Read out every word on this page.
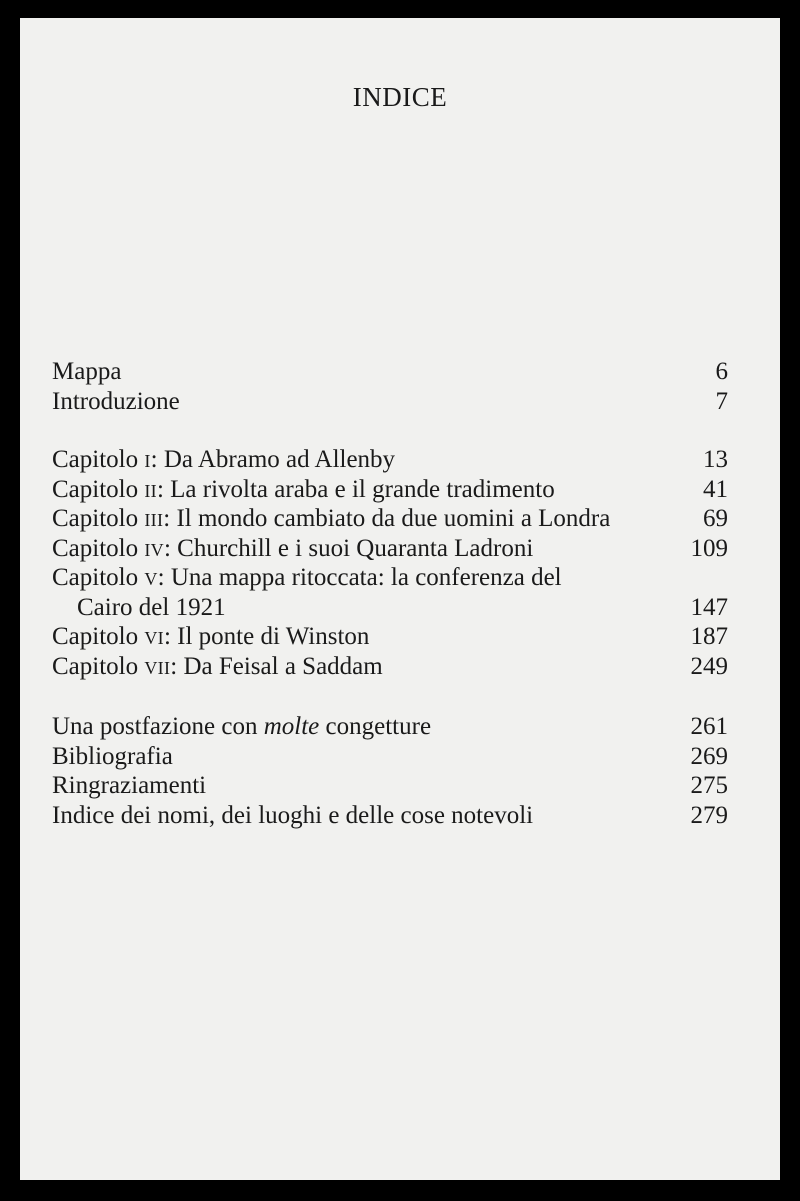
INDICE
Mappa	6
Introduzione	7
Capitolo I: Da Abramo ad Allenby	13
Capitolo II: La rivolta araba e il grande tradimento	41
Capitolo III: Il mondo cambiato da due uomini a Londra	69
Capitolo IV: Churchill e i suoi Quaranta Ladroni	109
Capitolo V: Una mappa ritoccata: la conferenza del
Cairo del 1921	147
Capitolo VI: Il ponte di Winston	187
Capitolo VII: Da Feisal a Saddam	249
Una postfazione con molte congetture	261
Bibliografia	269
Ringraziamenti	275
Indice dei nomi, dei luoghi e delle cose notevoli	279
